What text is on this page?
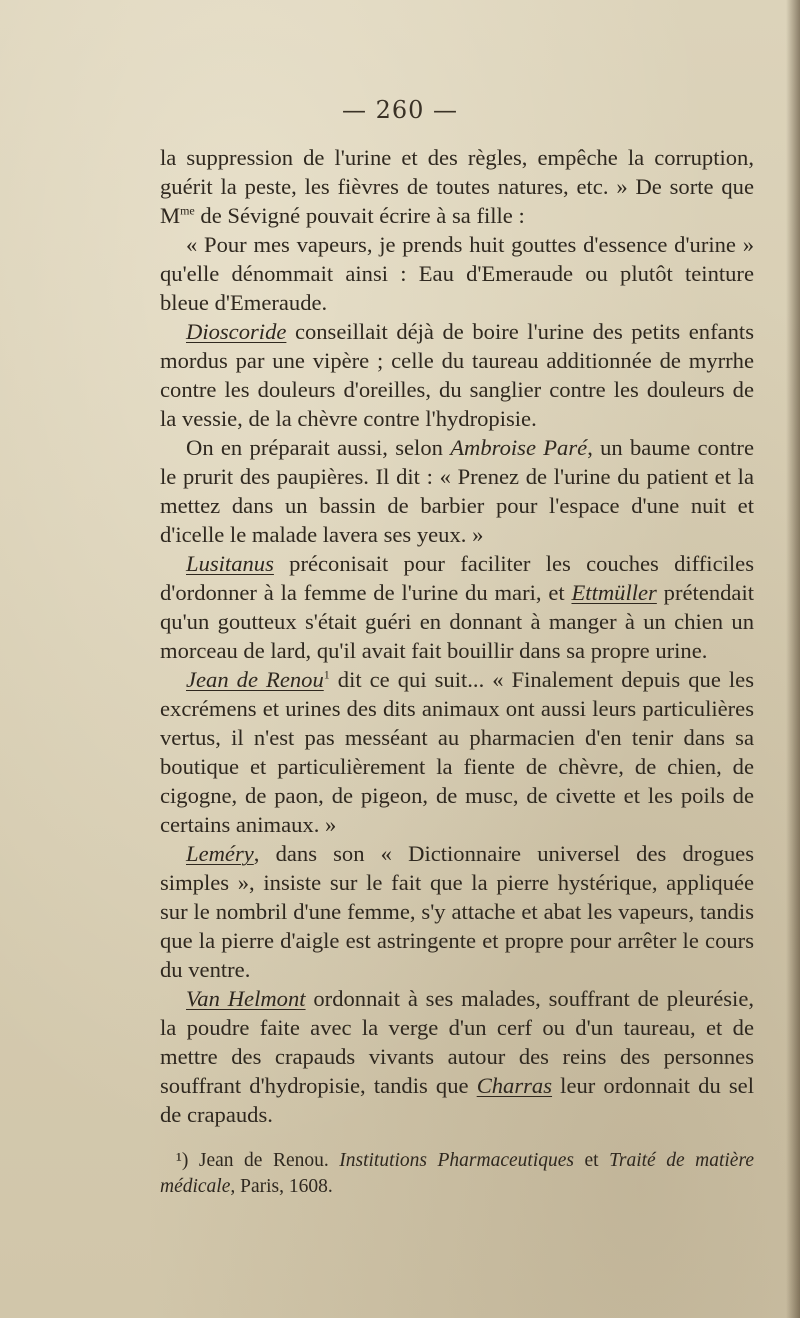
— 260 —

la suppression de l'urine et des règles, empêche la corruption, guérit la peste, les fièvres de toutes natures, etc. » De sorte que $M^{me}$ de Sévigné pouvait écrire à sa fille :

« Pour mes vapeurs, je prends huit gouttes d'essence d'urine » qu'elle dénommait ainsi : Eau d'Emeraude ou plutôt teinture bleue d'Emeraude.

Dioscoride conseillait déjà de boire l'urine des petits enfants mordus par une vipère ; celle du taureau additionnée de myrrhe contre les douleurs d'oreilles, du sanglier contre les douleurs de la vessie, de la chèvre contre l'hydropisie.

On en préparait aussi, selon Ambroise Paré, un baume contre le prurit des paupières. Il dit : « Prenez de l'urine du patient et la mettez dans un bassin de barbier pour l'espace d'une nuit et d'icelle le malade lavera ses yeux. »

Lusitanus préconisait pour faciliter les couches difficiles d'ordonner à la femme de l'urine du mari, et Ettmüller prétendait qu'un goutteux s'était guéri en donnant à manger à un chien un morceau de lard, qu'il avait fait bouillir dans sa propre urine.

Jean de Renou$^1$ dit ce qui suit... « Finalement depuis que les excrémens et urines des dits animaux ont aussi leurs particulières vertus, il n'est pas messéant au pharmacien d'en tenir dans sa boutique et particulièrement la fiente de chèvre, de chien, de cigogne, de paon, de pigeon, de musc, de civette et les poils de certains animaux. »

Leméry, dans son « Dictionnaire universel des drogues simples », insiste sur le fait que la pierre hystérique, appliquée sur le nombril d'une femme, s'y attache et abat les vapeurs, tandis que la pierre d'aigle est astringente et propre pour arrêter le cours du ventre.

Van Helmont ordonnait à ses malades, souffrant de pleurésie, la poudre faite avec la verge d'un cerf ou d'un taureau, et de mettre des crapauds vivants autour des reins des personnes souffrant d'hydropisie, tandis que Charras leur ordonnait du sel de crapauds.

¹) Jean de Renou. Institutions Pharmaceutiques et Traité de matière médicale, Paris, 1608.
